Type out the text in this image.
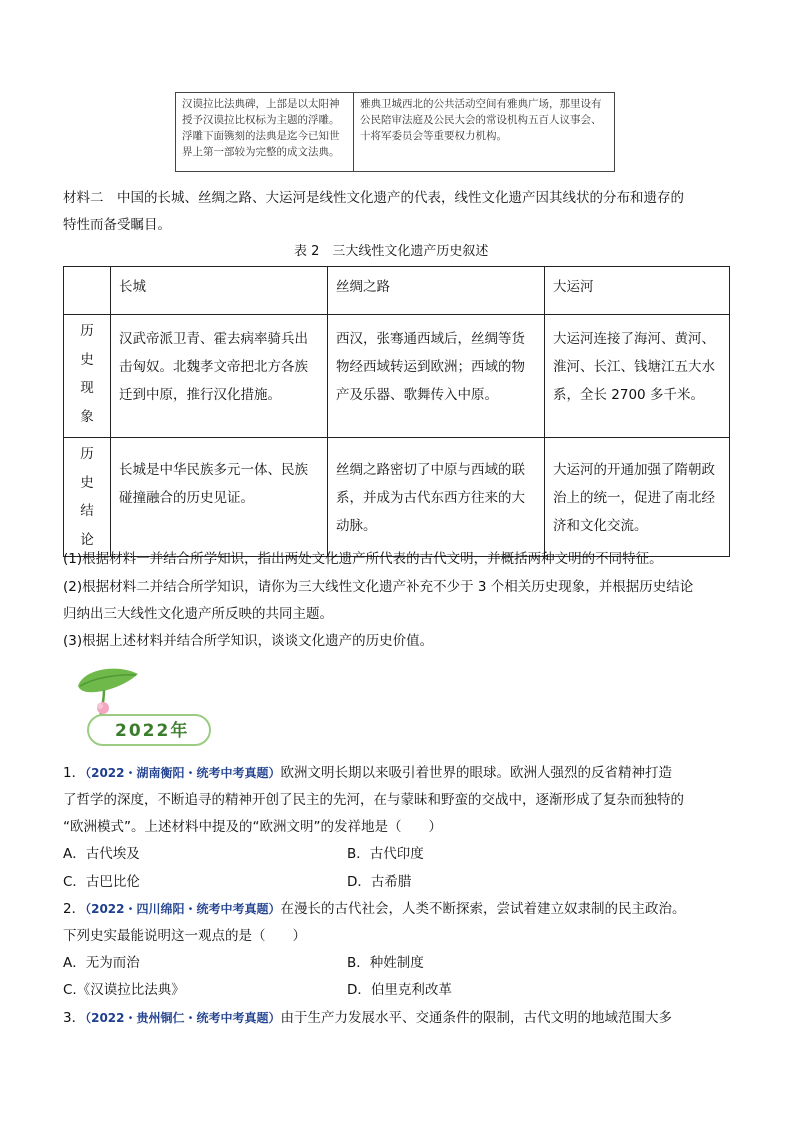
汉谟拉比法典碑，上部是以太阳神授予汉谟拉比权标为主题的浮雕。浮雕下面镌刻的法典是迄今已知世界上第一部较为完整的成文法典。	雅典卫城西北的公共活动空间有雅典广场，那里设有公民陪审法庭及公民大会的常设机构五百人议事会、十将军委员会等重要权力机构。
材料二　中国的长城、丝绸之路、大运河是线性文化遗产的代表，线性文化遗产因其线状的分布和遗存的
特性而备受瞩目。
表 2　三大线性文化遗产历史叙述
	长城	丝绸之路	大运河

历史现象	汉武帝派卫青、霍去病率骑兵出击匈奴。北魏孝文帝把北方各族迁到中原，推行汉化措施。	西汉，张骞通西域后，丝绸等货物经西域转运到欧洲；西域的物产及乐器、歌舞传入中原。	大运河连接了海河、黄河、淮河、长江、钱塘江五大水系，全长 2700 多千米。

历史结论	长城是中华民族多元一体、民族碰撞融合的历史见证。	丝绸之路密切了中原与西域的联系，并成为古代东西方往来的大动脉。	大运河的开通加强了隋朝政治上的统一，促进了南北经济和文化交流。
(1)根据材料一并结合所学知识，指出两处文化遗产所代表的古代文明，并概括两种文明的不同特征。
(2)根据材料二并结合所学知识，请你为三大线性文化遗产补充不少于 3 个相关历史现象，并根据历史结论
归纳出三大线性文化遗产所反映的共同主题。
(3)根据上述材料并结合所学知识，谈谈文化遗产的历史价值。
2022年
1．（2022・湖南衡阳・统考中考真题）欧洲文明长期以来吸引着世界的眼球。欧洲人强烈的反省精神打造
了哲学的深度，不断追寻的精神开创了民主的先河，在与蒙昧和野蛮的交战中，逐渐形成了复杂而独特的
“欧洲模式”。上述材料中提及的“欧洲文明”的发祥地是（　　）
A．古代埃及	B．古代印度
C．古巴比伦	D．古希腊
2．（2022・四川绵阳・统考中考真题）在漫长的古代社会，人类不断探索，尝试着建立奴隶制的民主政治。
下列史实最能说明这一观点的是（　　）
A．无为而治	B．种姓制度
C.《汉谟拉比法典》	D．伯里克利改革
3．（2022・贵州铜仁・统考中考真题）由于生产力发展水平、交通条件的限制，古代文明的地域范围大多
